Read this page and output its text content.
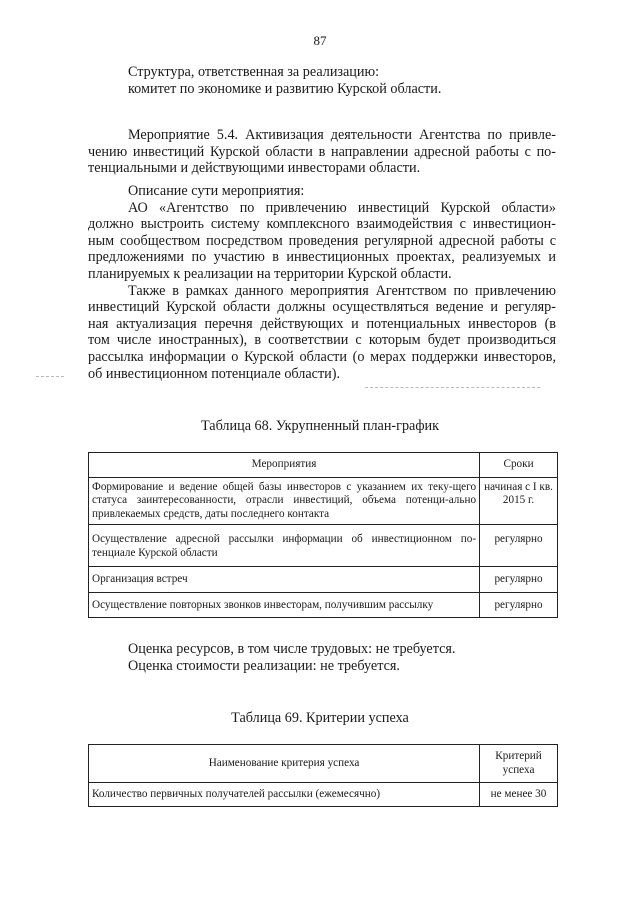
87
Структура, ответственная за реализацию:
комитет по экономике и развитию Курской области.
Мероприятие 5.4. Активизация деятельности Агентства по привле-
чению инвестиций Курской области в направлении адресной работы с по-
тенциальными и действующими инвесторами области.
Описание сути мероприятия:
АО «Агентство по привлечению инвестиций Курской области»
должно выстроить систему комплексного взаимодействия с инвестицион-
ным сообществом посредством проведения регулярной адресной работы с
предложениями по участию в инвестиционных проектах, реализуемых и
планируемых к реализации на территории Курской области.
Также в рамках данного мероприятия Агентством по привлечению
инвестиций Курской области должны осуществляться ведение и регуляр-
ная актуализация перечня действующих и потенциальных инвесторов (в
том числе иностранных), в соответствии с которым будет производиться
рассылка информации о Курской области (о мерах поддержки инвесторов,
об инвестиционном потенциале области).
Таблица 68. Укрупненный план-график
Мероприятия	Сроки
Формирование и ведение общей базы инвесторов с указанием их теку-щего статуса заинтересованности, отрасли инвестиций, объема потенци-ально привлекаемых средств, даты последнего контакта	начиная с I кв. 2015 г.
Осуществление адресной рассылки информации об инвестиционном по-тенциале Курской области	регулярно
Организация встреч	регулярно
Осуществление повторных звонков инвесторам, получившим рассылку	регулярно
Оценка ресурсов, в том числе трудовых: не требуется.
Оценка стоимости реализации: не требуется.
Таблица 69. Критерии успеха
Наименование критерия успеха	Критерий успеха
Количество первичных получателей рассылки (ежемесячно)	не менее 30
